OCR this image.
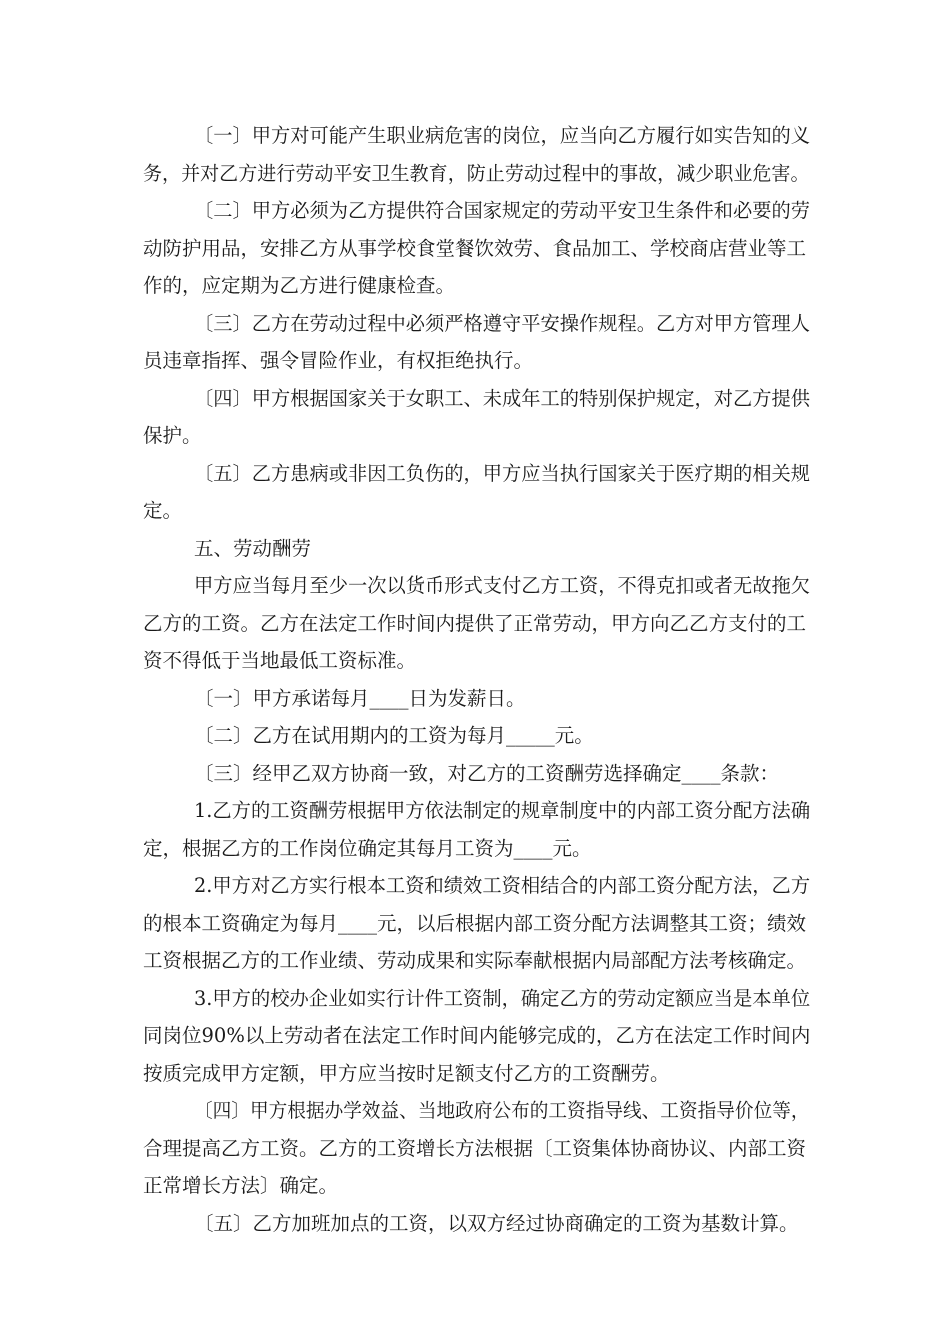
〔一〕甲方对可能产生职业病危害的岗位，应当向乙方履行如实告知的义
务，并对乙方进行劳动平安卫生教育，防止劳动过程中的事故，减少职业危害。
〔二〕甲方必须为乙方提供符合国家规定的劳动平安卫生条件和必要的劳
动防护用品，安排乙方从事学校食堂餐饮效劳、食品加工、学校商店营业等工
作的，应定期为乙方进行健康检查。
〔三〕乙方在劳动过程中必须严格遵守平安操作规程。乙方对甲方管理人
员违章指挥、强令冒险作业，有权拒绝执行。
〔四〕甲方根据国家关于女职工、未成年工的特别保护规定，对乙方提供
保护。
〔五〕乙方患病或非因工负伤的，甲方应当执行国家关于医疗期的相关规
定。
五、劳动酬劳
甲方应当每月至少一次以货币形式支付乙方工资，不得克扣或者无故拖欠
乙方的工资。乙方在法定工作时间内提供了正常劳动，甲方向乙乙方支付的工
资不得低于当地最低工资标准。
〔一〕甲方承诺每月____日为发薪日。
〔二〕乙方在试用期内的工资为每月_____元。
〔三〕经甲乙双方协商一致，对乙方的工资酬劳选择确定____条款：
1.乙方的工资酬劳根据甲方依法制定的规章制度中的内部工资分配方法确
定，根据乙方的工作岗位确定其每月工资为____元。
2.甲方对乙方实行根本工资和绩效工资相结合的内部工资分配方法，乙方
的根本工资确定为每月____元，以后根据内部工资分配方法调整其工资；绩效
工资根据乙方的工作业绩、劳动成果和实际奉献根据内局部配方法考核确定。
3.甲方的校办企业如实行计件工资制，确定乙方的劳动定额应当是本单位
同岗位90%以上劳动者在法定工作时间内能够完成的，乙方在法定工作时间内
按质完成甲方定额，甲方应当按时足额支付乙方的工资酬劳。
〔四〕甲方根据办学效益、当地政府公布的工资指导线、工资指导价位等，
合理提高乙方工资。乙方的工资增长方法根据〔工资集体协商协议、内部工资
正常增长方法〕确定。
〔五〕乙方加班加点的工资，以双方经过协商确定的工资为基数计算。
